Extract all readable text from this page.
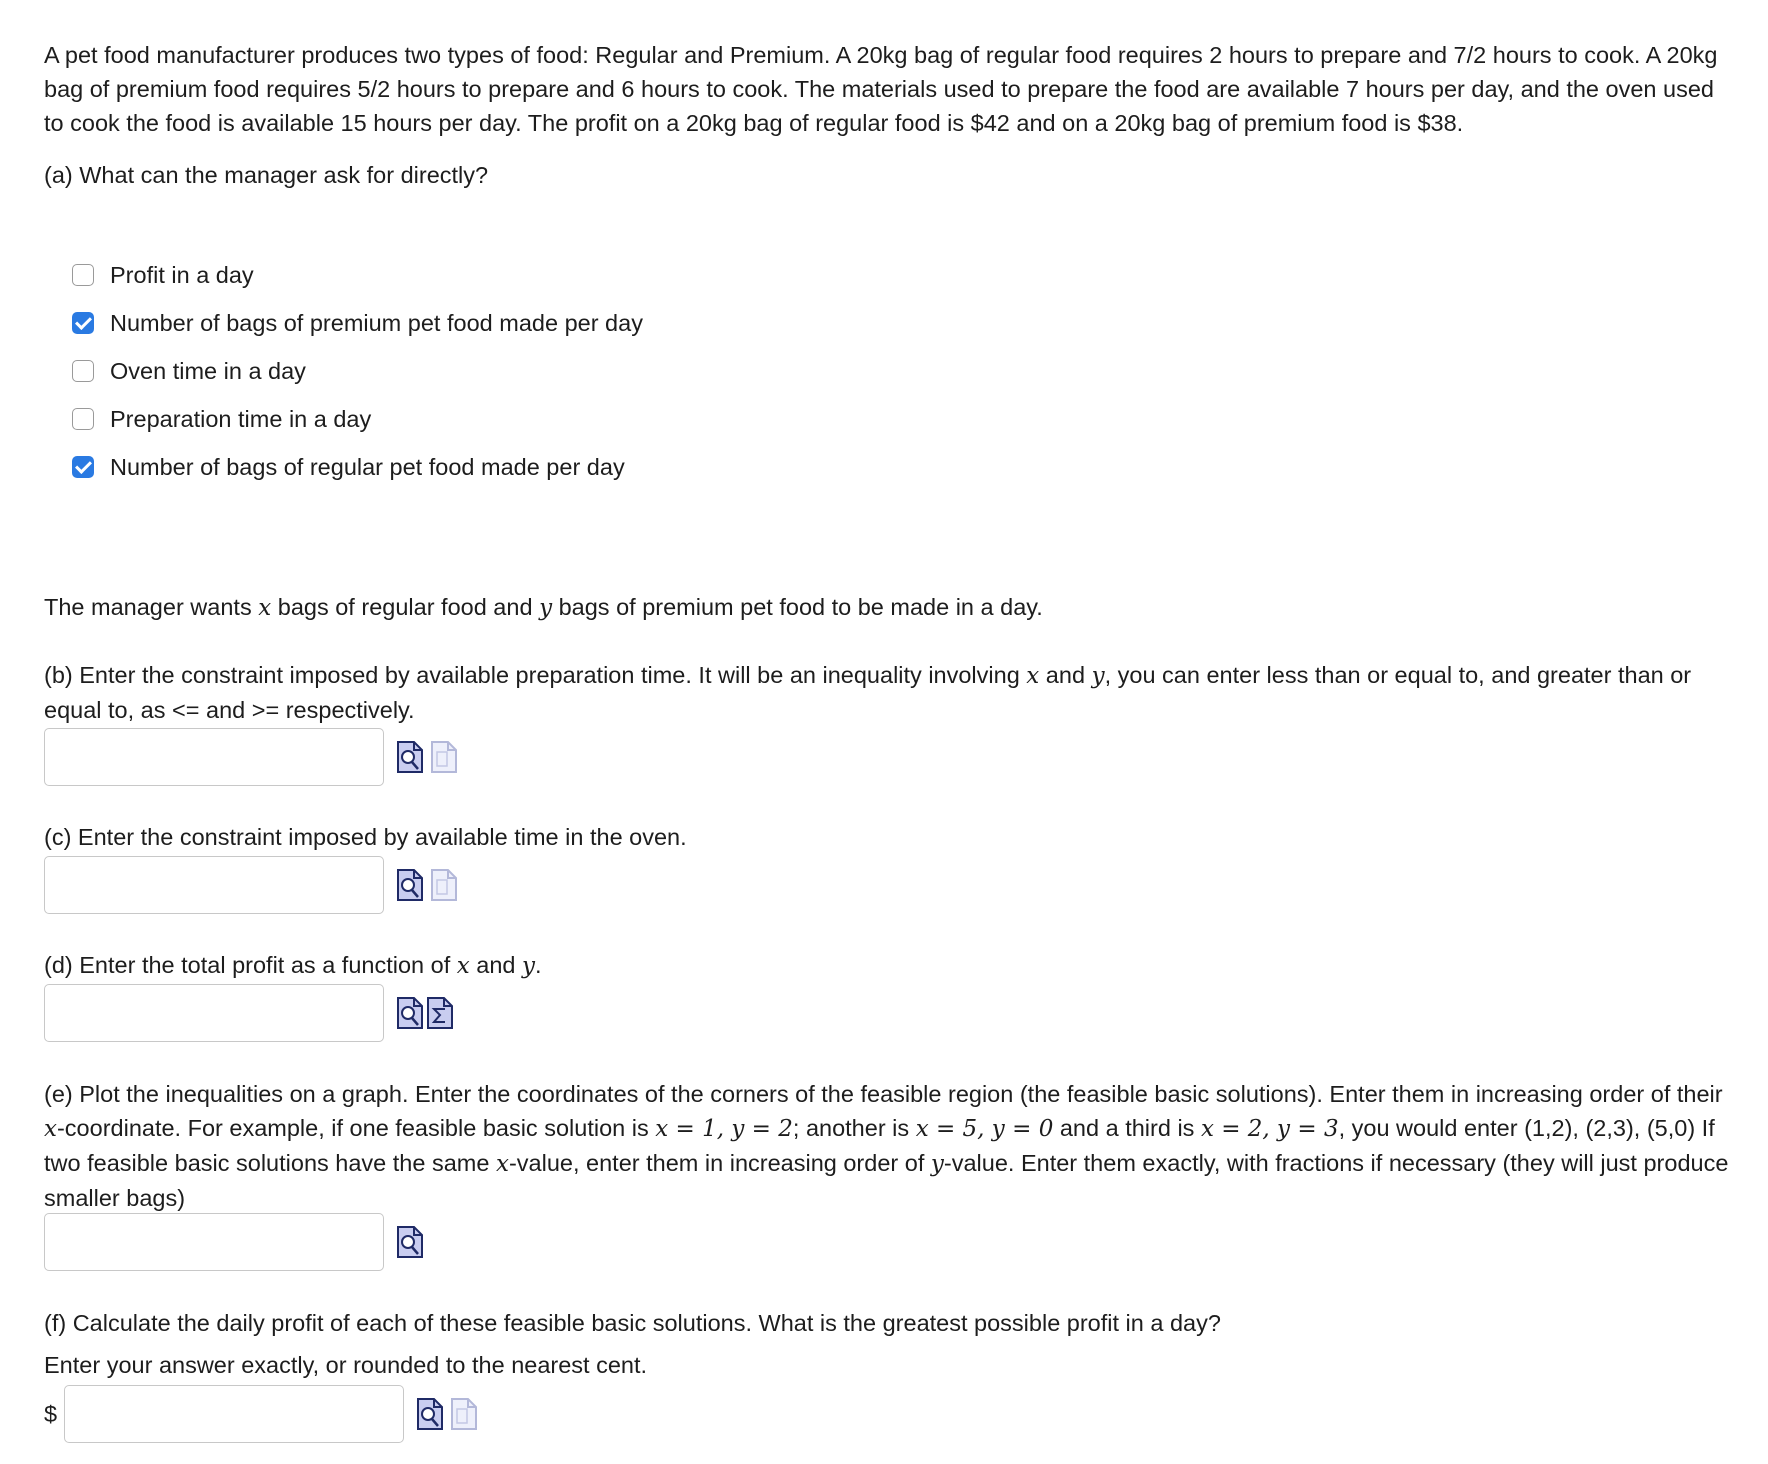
A pet food manufacturer produces two types of food: Regular and Premium. A 20kg bag of regular food requires 2 hours to prepare and 7/2 hours to cook. A 20kg bag of premium food requires 5/2 hours to prepare and 6 hours to cook. The materials used to prepare the food are available 7 hours per day, and the oven used to cook the food is available 15 hours per day. The profit on a 20kg bag of regular food is $42 and on a 20kg bag of premium food is $38.

(a) What can the manager ask for directly?

Profit in a day
Number of bags of premium pet food made per day
Oven time in a day
Preparation time in a day
Number of bags of regular pet food made per day

The manager wants x bags of regular food and y bags of premium pet food to be made in a day.

(b) Enter the constraint imposed by available preparation time. It will be an inequality involving x and y, you can enter less than or equal to, and greater than or equal to, as <= and >= respectively.

(c) Enter the constraint imposed by available time in the oven.

(d) Enter the total profit as a function of x and y.

(e) Plot the inequalities on a graph. Enter the coordinates of the corners of the feasible region (the feasible basic solutions). Enter them in increasing order of their x-coordinate. For example, if one feasible basic solution is x = 1, y = 2; another is x = 5, y = 0 and a third is x = 2, y = 3, you would enter (1,2), (2,3), (5,0) If two feasible basic solutions have the same x-value, enter them in increasing order of y-value. Enter them exactly, with fractions if necessary (they will just produce smaller bags)

(f) Calculate the daily profit of each of these feasible basic solutions. What is the greatest possible profit in a day?

Enter your answer exactly, or rounded to the nearest cent.

$
